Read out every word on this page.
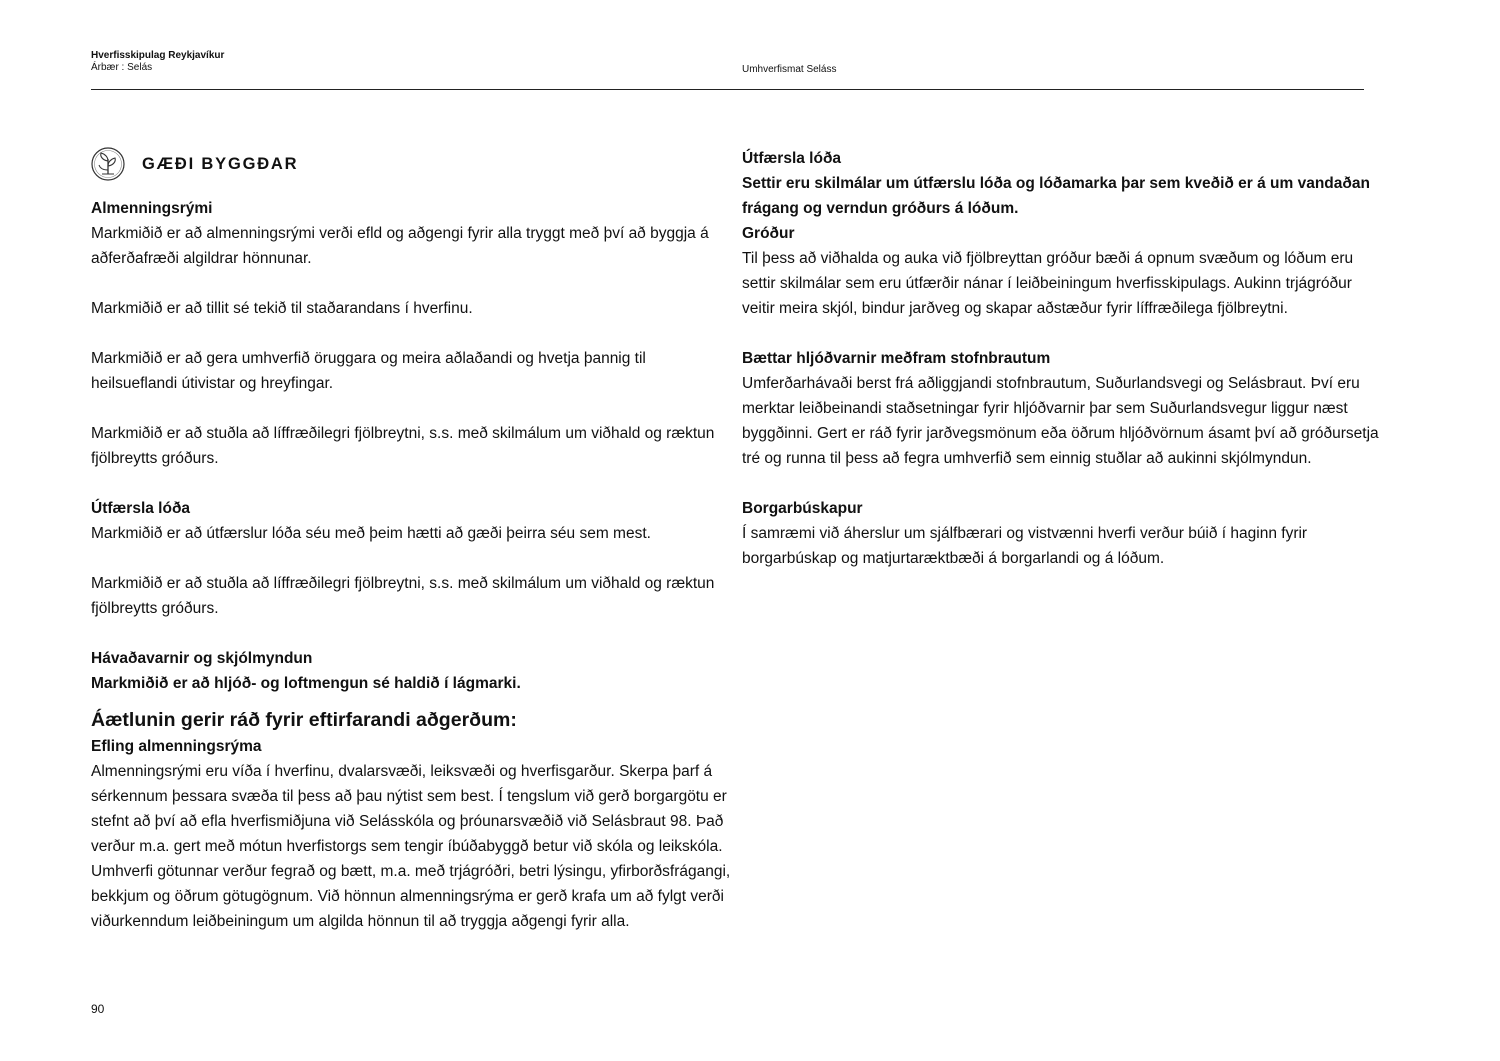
Hverfisskipulag Reykjavíkur
Árbær : Selás	Umhverfismat Seláss
GÆÐI BYGGÐAR

Almenningsrými

Markmiðið er að almenningsrými verði efld og aðgengi fyrir alla tryggt með því að byggja á aðferðafræði algildrar hönnunar.

Markmiðið er að tillit sé tekið til staðarandans í hverfinu.

Markmiðið er að gera umhverfið öruggara og meira aðlaðandi og hvetja þannig til heilsueflandi útivistar og hreyfingar.

Markmiðið er að stuðla að líffræðilegri fjölbreytni, s.s. með skilmálum um viðhald og ræktun fjölbreytts gróðurs.

Útfærsla lóða

Markmiðið er að útfærslur lóða séu með þeim hætti að gæði þeirra séu sem mest.

Markmiðið er að stuðla að líffræðilegri fjölbreytni, s.s. með skilmálum um viðhald og ræktun fjölbreytts gróðurs.

Hávaðavarnir og skjólmyndun

Markmiðið er að hljóð- og loftmengun sé haldið í lágmarki.

Áætlunin gerir ráð fyrir eftirfarandi aðgerðum:

Efling almenningsrýma

Almenningsrými eru víða í hverfinu, dvalarsvæði, leiksvæði og hverfisgarður. Skerpa þarf á sérkennum þessara svæða til þess að þau nýtist sem best. Í tengslum við gerð borgargötu er stefnt að því að efla hverfismiðjuna við Selásskóla og þróunarsvæðið við Selásbraut 98. Það verður m.a. gert með mótun hverfistorgs sem tengir íbúðabyggð betur við skóla og leikskóla. Umhverfi götunnar verður fegrað og bætt, m.a. með trjágróðri, betri lýsingu, yfirborðsfrágangi, bekkjum og öðrum götugögnum. Við hönnun almenningsrýma er gerð krafa um að fylgt verði viðurkenndum leiðbeiningum um algilda hönnun til að tryggja aðgengi fyrir alla.

Útfærsla lóða

Settir eru skilmálar um útfærslu lóða og lóðamarka þar sem kveðið er á um vandaðan frágang og verndun gróðurs á lóðum.

Gróður

Til þess að viðhalda og auka við fjölbreyttan gróður bæði á opnum svæðum og lóðum eru settir skilmálar sem eru útfærðir nánar í leiðbeiningum hverfisskipulags. Aukinn trjágróður veitir meira skjól, bindur jarðveg og skapar aðstæður fyrir líffræðilega fjölbreytni.

Bættar hljóðvarnir meðfram stofnbrautum

Umferðarhávaði berst frá aðliggjandi stofnbrautum, Suðurlandsvegi og Selásbraut. Því eru merktar leiðbeinandi staðsetningar fyrir hljóðvarnir þar sem Suðurlandsvegur liggur næst byggðinni. Gert er ráð fyrir jarðvegsmönum eða öðrum hljóðvörnum ásamt því að gróðursetja tré og runna til þess að fegra umhverfið sem einnig stuðlar að aukinni skjólmyndun.

Borgarbúskapur

Í samræmi við áherslur um sjálfbærari og vistvænni hverfi verður búið í haginn fyrir borgarbúskap og matjurtaræktbæði á borgarlandi og á lóðum.

90
